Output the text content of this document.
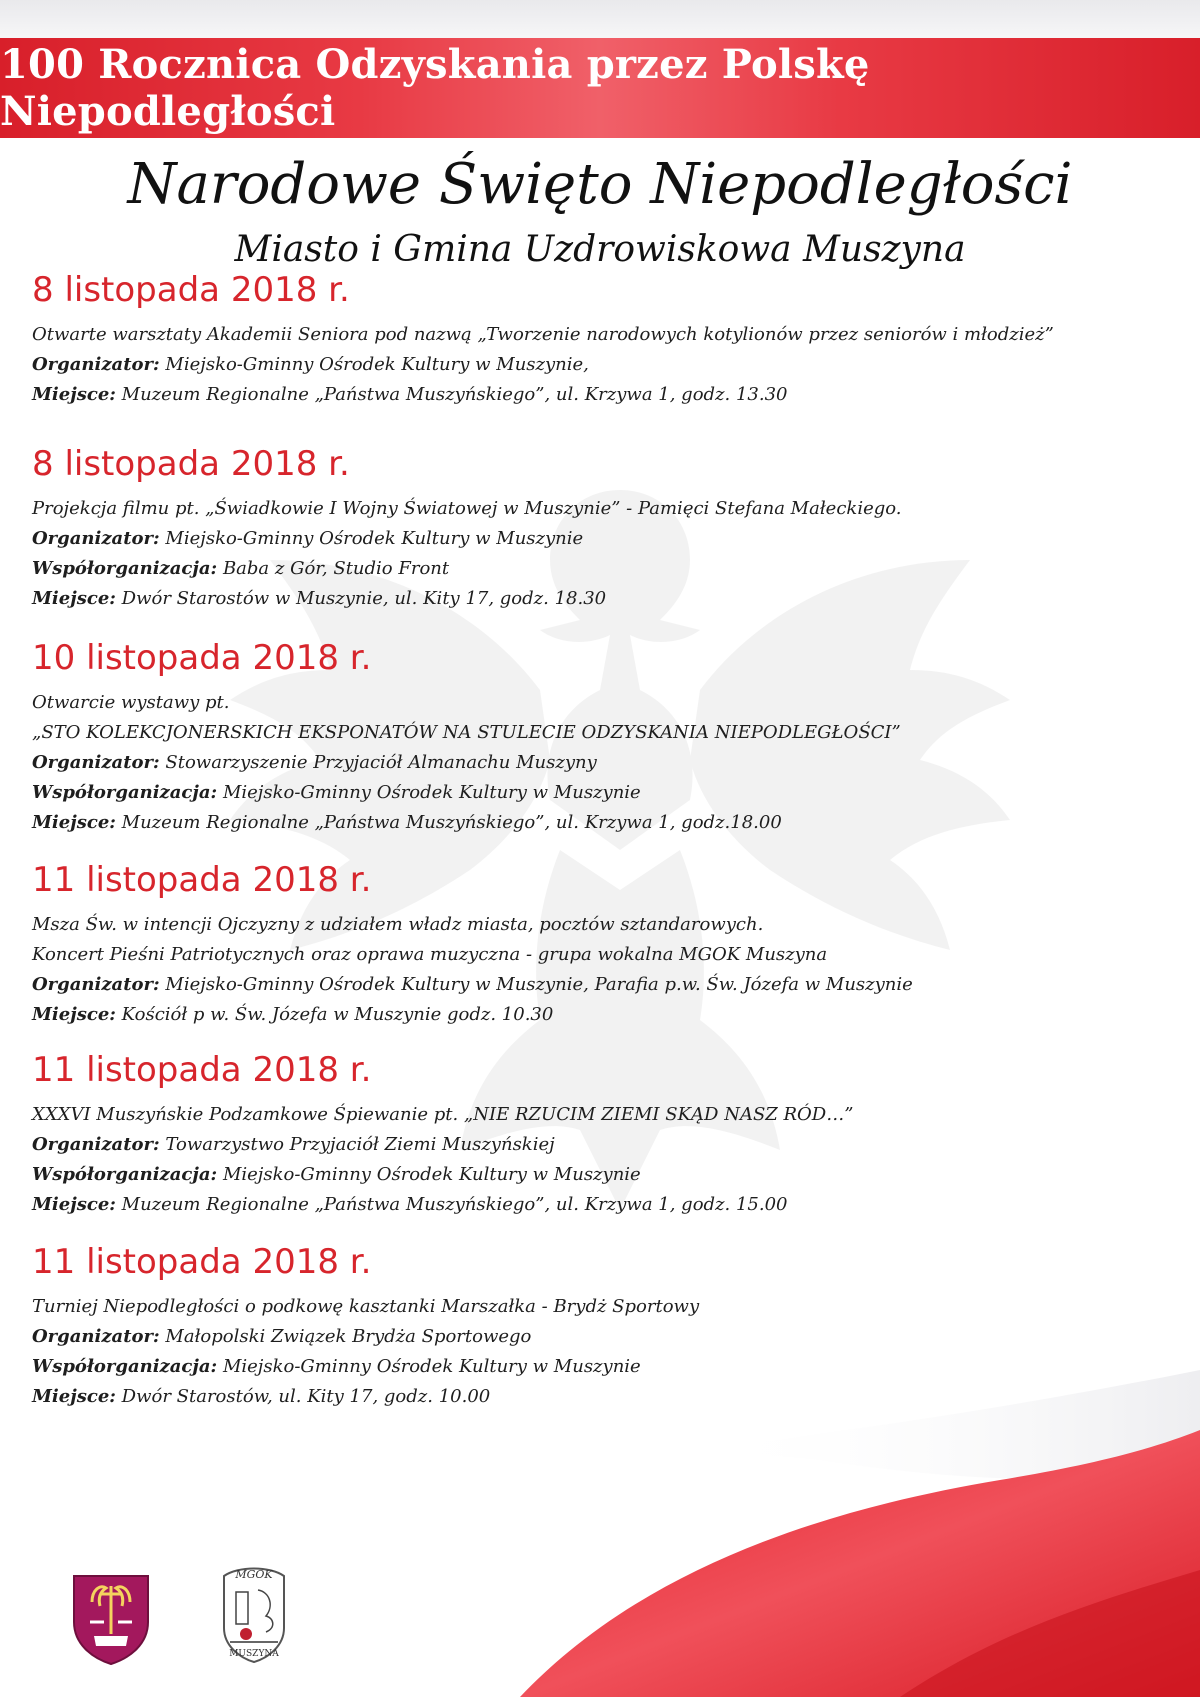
100 Rocznica Odzyskania przez Polskę Niepodległości
Narodowe Święto Niepodległości
Miasto i Gmina Uzdrowiskowa Muszyna
8 listopada 2018 r.
Otwarte warsztaty Akademii Seniora pod nazwą „Tworzenie narodowych kotylionów przez seniorów i młodzież”
Organizator: Miejsko-Gminny Ośrodek Kultury w Muszynie,
Miejsce: Muzeum Regionalne „Państwa Muszyńskiego”, ul. Krzywa 1, godz. 13.30
8 listopada 2018 r.
Projekcja filmu pt. „Świadkowie I Wojny Światowej w Muszynie” - Pamięci Stefana Małeckiego.
Organizator: Miejsko-Gminny Ośrodek Kultury w Muszynie
Współorganizacja: Baba z Gór, Studio Front
Miejsce: Dwór Starostów w Muszynie, ul. Kity 17, godz. 18.30
10 listopada 2018 r.
Otwarcie wystawy pt.
„STO KOLEKCJONERSKICH EKSPONATÓW NA STULECIE ODZYSKANIA NIEPODLEGŁOŚCI”
Organizator: Stowarzyszenie Przyjaciół Almanachu Muszyny
Współorganizacja: Miejsko-Gminny Ośrodek Kultury w Muszynie
Miejsce: Muzeum Regionalne „Państwa Muszyńskiego”, ul. Krzywa 1, godz.18.00
11 listopada 2018 r.
Msza Św. w intencji Ojczyzny z udziałem władz miasta, pocztów sztandarowych.
Koncert Pieśni Patriotycznych oraz oprawa muzyczna - grupa wokalna MGOK Muszyna
Organizator: Miejsko-Gminny Ośrodek Kultury w Muszynie, Parafia p.w. Św. Józefa w Muszynie
Miejsce: Kościół p w. Św. Józefa w Muszynie godz. 10.30
11 listopada 2018 r.
XXXVI Muszyńskie Podzamkowe Śpiewanie pt. „NIE RZUCIM ZIEMI SKĄD NASZ RÓD…”
Organizator: Towarzystwo Przyjaciół Ziemi Muszyńskiej
Współorganizacja: Miejsko-Gminny Ośrodek Kultury w Muszynie
Miejsce: Muzeum Regionalne „Państwa Muszyńskiego”, ul. Krzywa 1, godz. 15.00
11 listopada 2018 r.
Turniej Niepodległości o podkowę kasztanki Marszałka - Brydż Sportowy
Organizator: Małopolski Związek Brydża Sportowego
Współorganizacja: Miejsko-Gminny Ośrodek Kultury w Muszynie
Miejsce: Dwór Starostów, ul. Kity 17, godz. 10.00
MGOK
MUSZYNA
